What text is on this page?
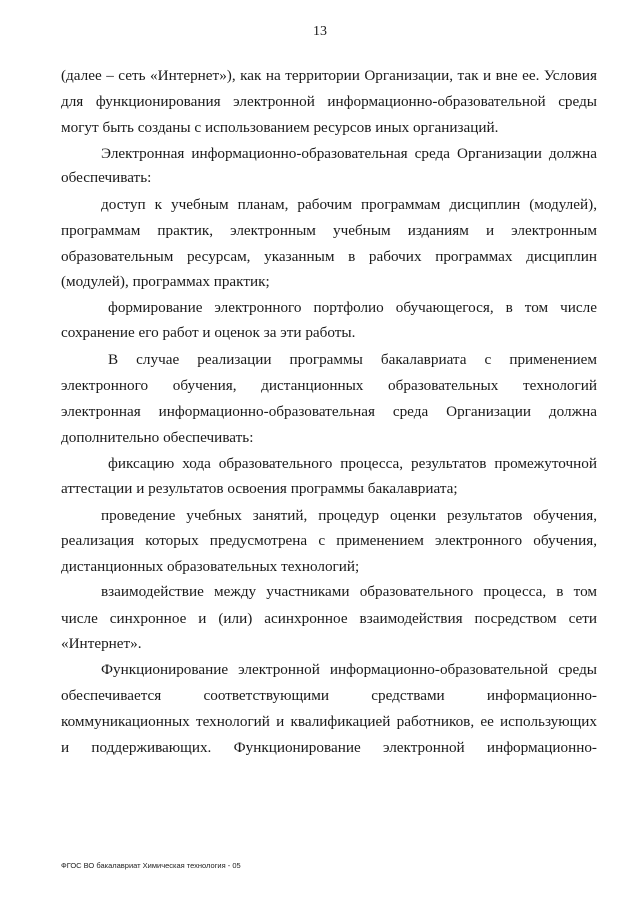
13
(далее – сеть «Интернет»), как на территории Организации, так и вне ее. Условия
для функционирования электронной информационно-образовательной среды
могут быть созданы с использованием ресурсов иных организаций.
Электронная информационно-образовательная среда Организации должна
обеспечивать:
доступ к учебным планам, рабочим программам дисциплин (модулей),
программам практик, электронным учебным изданиям и электронным
образовательным ресурсам, указанным в рабочих программах дисциплин
(модулей), программах практик;
формирование электронного портфолио обучающегося, в том числе
сохранение его работ и оценок за эти работы.
В случае реализации программы бакалавриата с применением
электронного обучения, дистанционных образовательных технологий
электронная информационно-образовательная среда Организации должна
дополнительно обеспечивать:
фиксацию хода образовательного процесса, результатов промежуточной
аттестации и результатов освоения программы бакалавриата;
проведение учебных занятий, процедур оценки результатов обучения,
реализация которых предусмотрена с применением электронного обучения,
дистанционных образовательных технологий;
взаимодействие между участниками образовательного процесса, в том
числе синхронное и (или) асинхронное взаимодействия посредством сети
«Интернет».
Функционирование электронной информационно-образовательной среды
обеспечивается соответствующими средствами информационно-
коммуникационных технологий и квалификацией работников, ее использующих
и поддерживающих. Функционирование электронной информационно-
ФГОС ВО бакалавриат Химическая технология - 05
